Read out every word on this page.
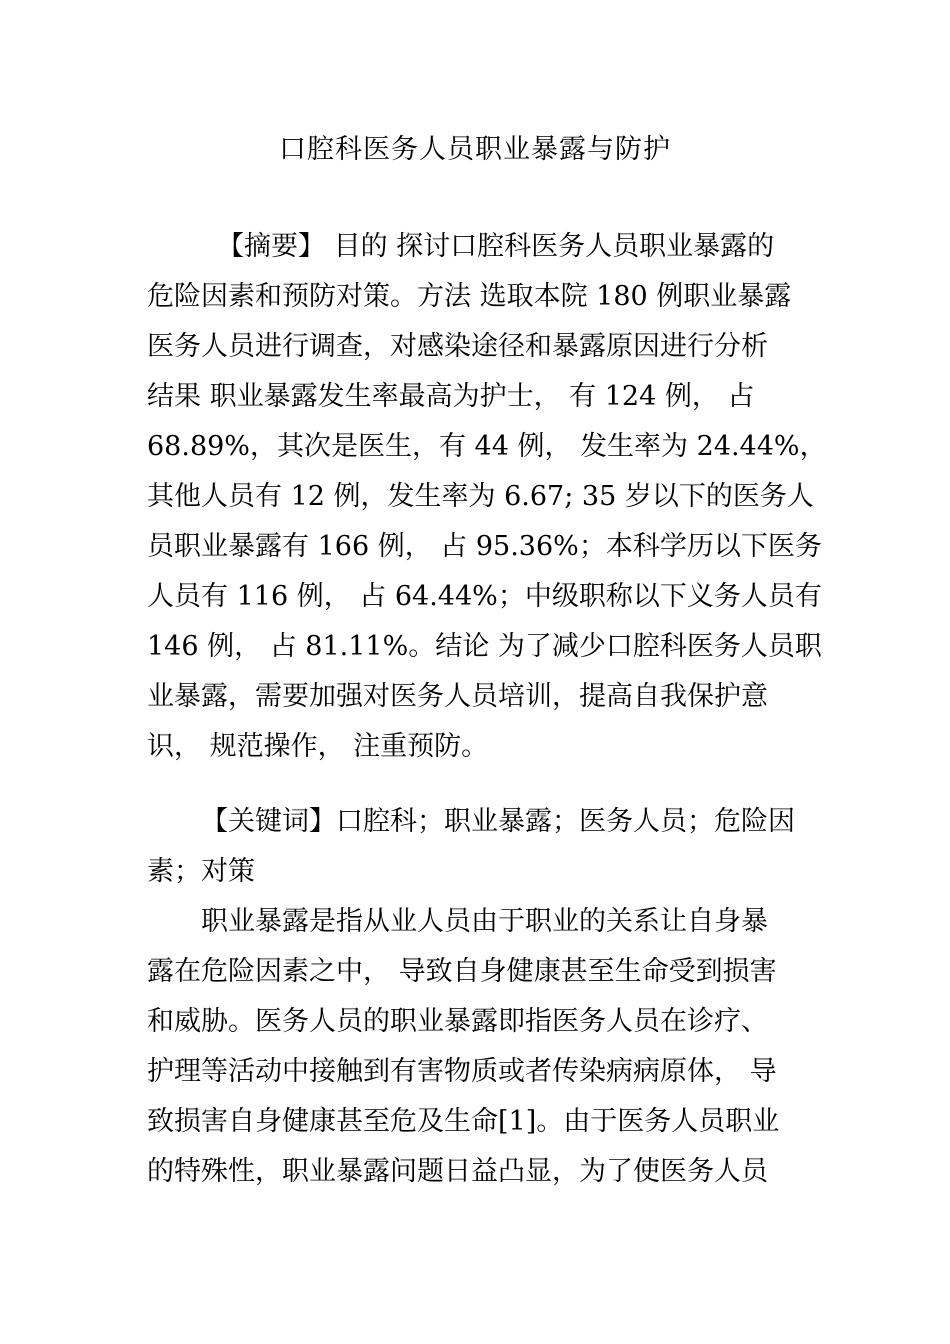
口腔科医务人员职业暴露与防护
【摘要】 目的 探讨口腔科医务人员职业暴露的
危险因素和预防对策。方法 选取本院 180 例职业暴露
医务人员进行调查，对感染途径和暴露原因进行分析
结果 职业暴露发生率最高为护士， 有 124 例， 占
68.89%，其次是医生，有 44 例， 发生率为 24.44%，
其他人员有 12 例，发生率为 6.67; 35 岁以下的医务人
员职业暴露有 166 例， 占 95.36%；本科学历以下医务
人员有 116 例， 占 64.44%；中级职称以下义务人员有
146 例， 占 81.11%。结论 为了减少口腔科医务人员职
业暴露，需要加强对医务人员培训，提高自我保护意
识， 规范操作， 注重预防。
【关键词】口腔科；职业暴露；医务人员；危险因
素；对策
职业暴露是指从业人员由于职业的关系让自身暴
露在危险因素之中， 导致自身健康甚至生命受到损害
和威胁。医务人员的职业暴露即指医务人员在诊疗、
护理等活动中接触到有害物质或者传染病病原体， 导
致损害自身健康甚至危及生命[1]。由于医务人员职业
的特殊性，职业暴露问题日益凸显，为了使医务人员
